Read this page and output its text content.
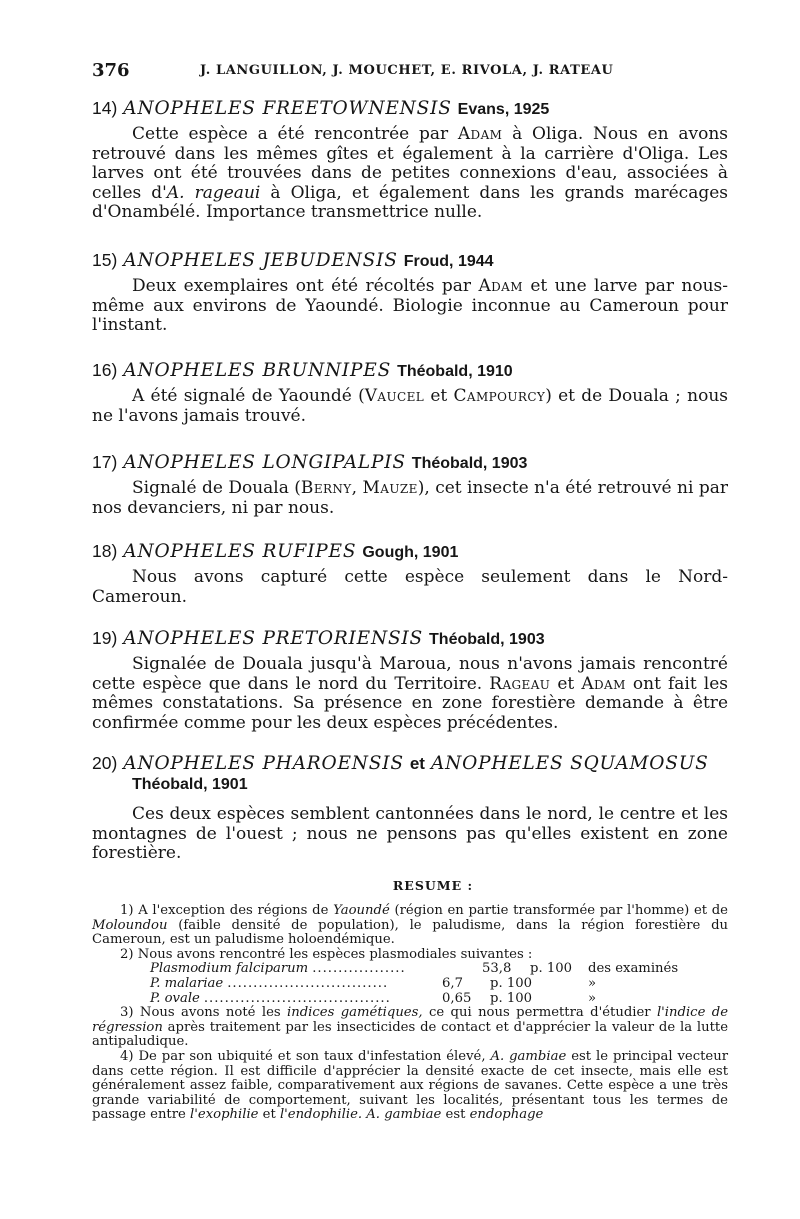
376	J. LANGUILLON, J. MOUCHET, E. RIVOLA, J. RATEAU
14) ANOPHELES FREETOWNENSIS Evans, 1925

Cette espèce a été rencontrée par Adam à Oliga. Nous en avons retrouvé dans les mêmes gîtes et également à la carrière d'Oliga. Les larves ont été trouvées dans de petites connexions d'eau, associées à celles d'A. rageaui à Oliga, et également dans les grands marécages d'Onambélé. Importance transmettrice nulle.

15) ANOPHELES JEBUDENSIS Froud, 1944

Deux exemplaires ont été récoltés par Adam et une larve par nous-même aux environs de Yaoundé. Biologie inconnue au Cameroun pour l'instant.

16) ANOPHELES BRUNNIPES Théobald, 1910

A été signalé de Yaoundé (Vaucel et Campourcy) et de Douala ; nous ne l'avons jamais trouvé.

17) ANOPHELES LONGIPALPIS Théobald, 1903

Signalé de Douala (Berny, Mauze), cet insecte n'a été retrouvé ni par nos devanciers, ni par nous.

18) ANOPHELES RUFIPES Gough, 1901

Nous avons capturé cette espèce seulement dans le Nord-Cameroun.

19) ANOPHELES PRETORIENSIS Théobald, 1903

Signalée de Douala jusqu'à Maroua, nous n'avons jamais rencontré cette espèce que dans le nord du Territoire. Rageau et Adam ont fait les mêmes constatations. Sa présence en zone forestière demande à être confirmée comme pour les deux espèces précédentes.

20) ANOPHELES PHAROENSIS et ANOPHELES SQUAMOSUS
Théobald, 1901

Ces deux espèces semblent cantonnées dans le nord, le centre et les montagnes de l'ouest ; nous ne pensons pas qu'elles existent en zone forestière.

RESUME :

1) A l'exception des régions de Yaoundé (région en partie transformée par l'homme) et de Moloundou (faible densité de population), le paludisme, dans la région forestière du Cameroun, est un paludisme holoendémique.

2) Nous avons rencontré les espèces plasmodiales suivantes :

Plasmodium falciparum ..................	53,8	p. 100	des examinés
P. malariae ...............................	6,7	p. 100	»
P. ovale ....................................	0,65	p. 100	»

3) Nous avons noté les indices gamétiques, ce qui nous permettra d'étudier l'indice de régression après traitement par les insecticides de contact et d'apprécier la valeur de la lutte antipaludique.

4) De par son ubiquité et son taux d'infestation élevé, A. gambiae est le principal vecteur dans cette région. Il est difficile d'apprécier la densité exacte de cet insecte, mais elle est généralement assez faible, comparativement aux régions de savanes. Cette espèce a une très grande variabilité de comportement, suivant les localités, présentant tous les termes de passage entre l'exophilie et l'endophilie. A. gambiae est endophage
